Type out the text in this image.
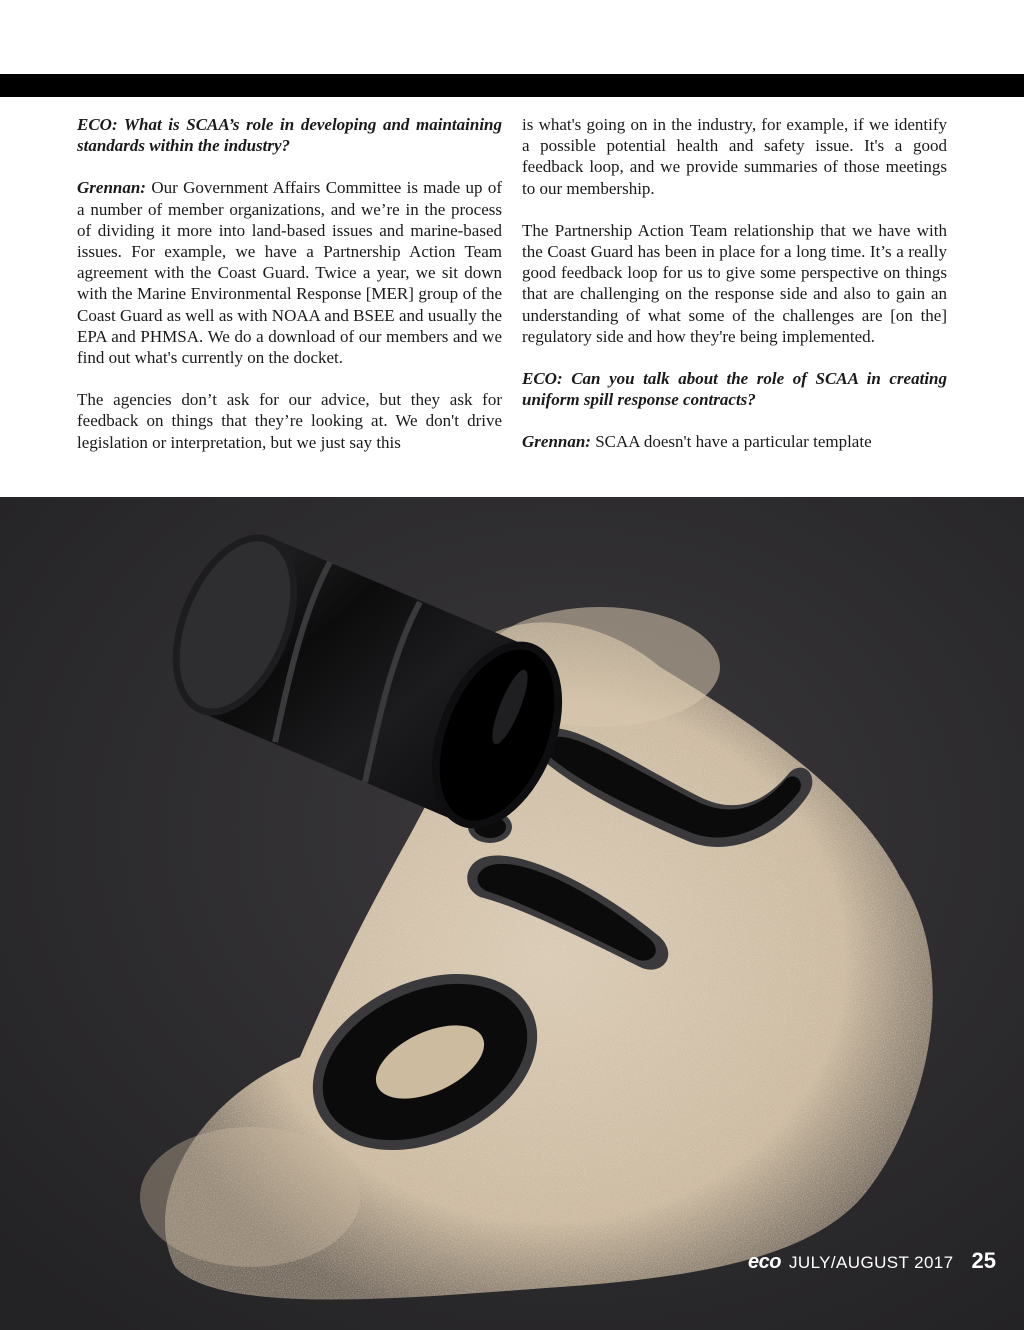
ECO: What is SCAA’s role in developing and maintaining standards within the industry?

Grennan: Our Government Affairs Committee is made up of a number of member organizations, and we’re in the process of dividing it more into land-based issues and marine-based issues. For example, we have a Partnership Action Team agreement with the Coast Guard. Twice a year, we sit down with the Marine Environmental Response [MER] group of the Coast Guard as well as with NOAA and BSEE and usually the EPA and PHMSA. We do a download of our members and we find out what's currently on the docket.

The agencies don’t ask for our advice, but they ask for feedback on things that they’re looking at. We don't drive legislation or interpretation, but we just say this

is what's going on in the industry, for example, if we identify a possible potential health and safety issue. It's a good feedback loop, and we provide summaries of those meetings to our membership.

The Partnership Action Team relationship that we have with the Coast Guard has been in place for a long time. It’s a really good feedback loop for us to give some perspective on things that are challenging on the response side and also to gain an understanding of what some of the challenges are [on the] regulatory side and how they're being implemented.

ECO: Can you talk about the role of SCAA in creating uniform spill response contracts?

Grennan: SCAA doesn't have a particular template

eco JULY/AUGUST 2017 25
